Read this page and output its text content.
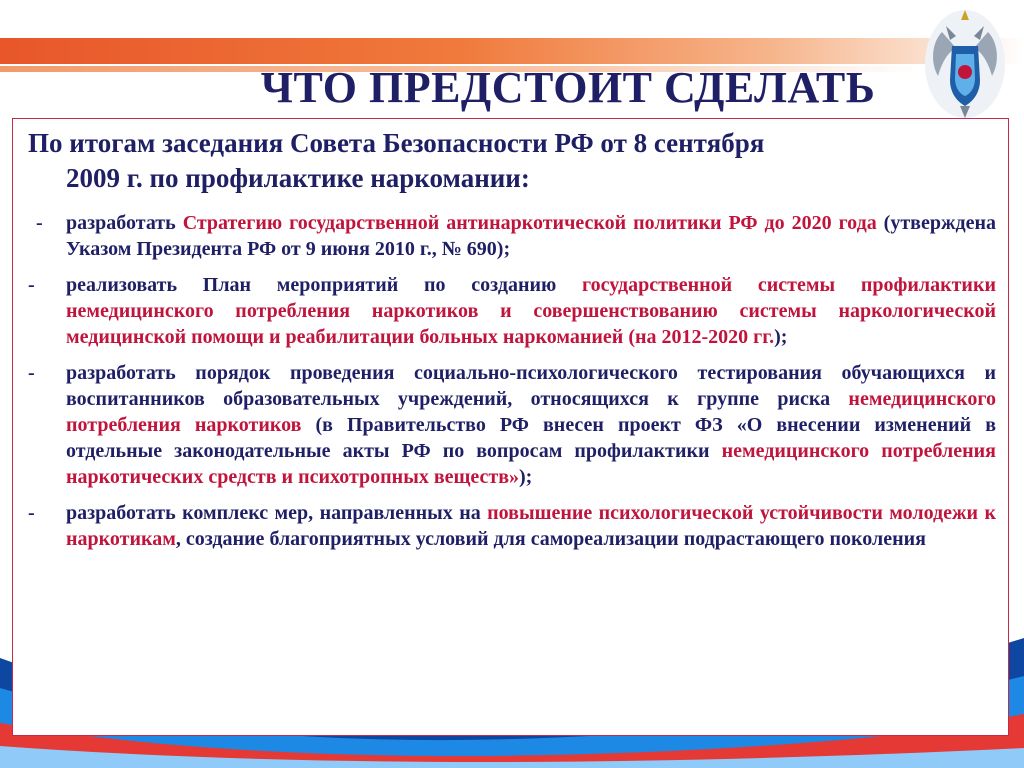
ЧТО ПРЕДСТОИТ СДЕЛАТЬ

По итогам заседания Совета Безопасности РФ от 8 сентября
2009 г. по профилактике наркомании:

- разработать Стратегию государственной антинаркотической политики РФ до 2020 года (утверждена Указом Президента РФ от 9 июня 2010 г., № 690);

- реализовать План мероприятий по созданию государственной системы профилактики немедицинского потребления наркотиков и совершенствованию системы наркологической медицинской помощи и реабилитации больных наркоманией (на 2012-2020 гг.);

- разработать порядок проведения социально-психологического тестирования обучающихся и воспитанников образовательных учреждений, относящихся к группе риска немедицинского потребления наркотиков (в Правительство РФ внесен проект ФЗ «О внесении изменений в отдельные законодательные акты РФ по вопросам профилактики немедицинского потребления наркотических средств и психотропных веществ»);

- разработать комплекс мер, направленных на повышение психологической устойчивости молодежи к наркотикам, создание благоприятных условий для самореализации подрастающего поколения

43
